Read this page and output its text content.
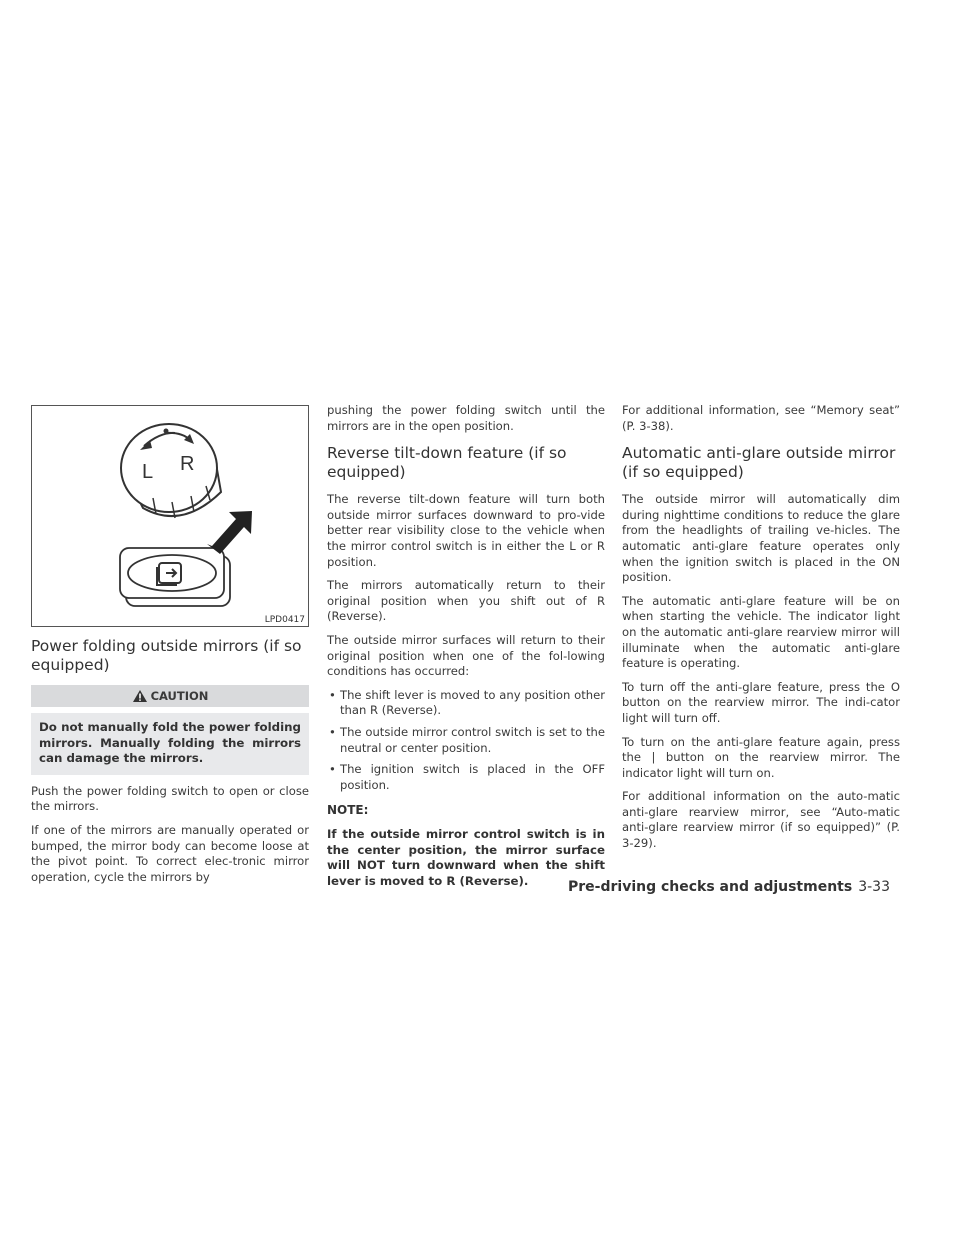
L R
LPD0417
Power folding outside mirrors (if so equipped)
CAUTION
Do not manually fold the power folding mirrors. Manually folding the mirrors can damage the mirrors.

Push the power folding switch to open or close the mirrors.

If one of the mirrors are manually operated or bumped, the mirror body can become loose at the pivot point. To correct elec-tronic mirror operation, cycle the mirrors by

pushing the power folding switch until the mirrors are in the open position.

Reverse tilt-down feature (if so equipped)

The reverse tilt-down feature will turn both outside mirror surfaces downward to pro-vide better rear visibility close to the vehicle when the mirror control switch is in either the L or R position.

The mirrors automatically return to their original position when you shift out of R (Reverse).

The outside mirror surfaces will return to their original position when one of the fol-lowing conditions has occurred:

• The shift lever is moved to any position other than R (Reverse).
• The outside mirror control switch is set to the neutral or center position.
• The ignition switch is placed in the OFF position.
NOTE:
If the outside mirror control switch is in the center position, the mirror surface will NOT turn downward when the shift lever is moved to R (Reverse).

For additional information, see “Memory seat” (P. 3-38).

Automatic anti-glare outside mirror (if so equipped)

The outside mirror will automatically dim during nighttime conditions to reduce the glare from the headlights of trailing ve-hicles. The automatic anti-glare feature operates only when the ignition switch is placed in the ON position.

The automatic anti-glare feature will be on when starting the vehicle. The indicator light on the automatic anti-glare rearview mirror will illuminate when the automatic anti-glare feature is operating.

To turn off the anti-glare feature, press the O button on the rearview mirror. The indi-cator light will turn off.

To turn on the anti-glare feature again, press the | button on the rearview mirror. The indicator light will turn on.

For additional information on the auto-matic anti-glare rearview mirror, see “Auto-matic anti-glare rearview mirror (if so equipped)” (P. 3-29).

Pre-driving checks and adjustments 3-33
